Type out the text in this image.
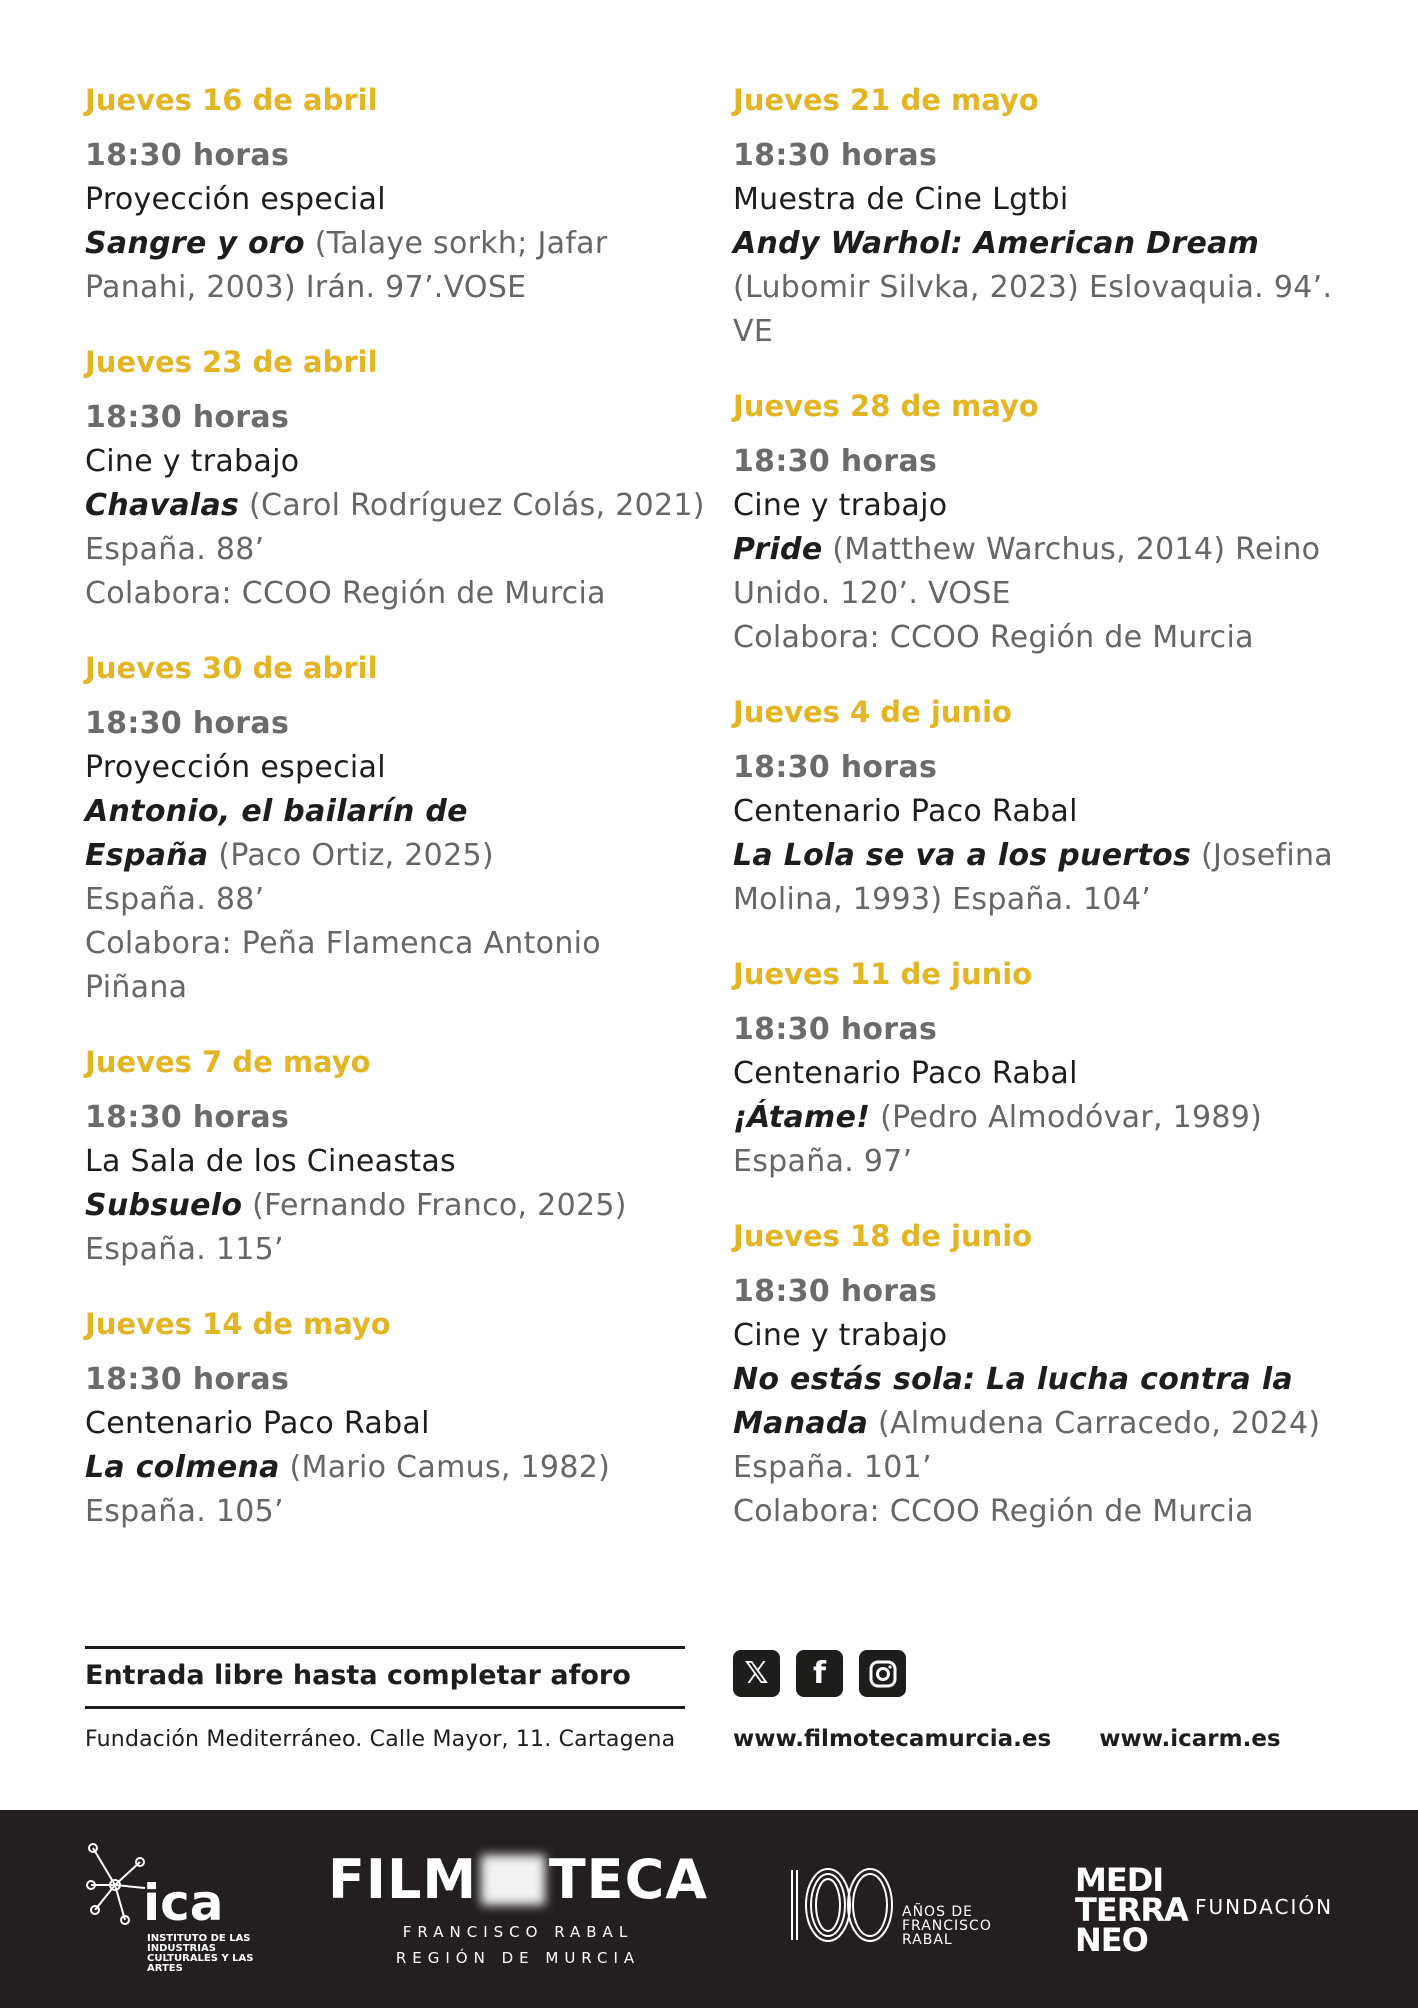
Jueves 16 de abril
18:30 horas
Proyección especial
Sangre y oro (Talaye sorkh; Jafar Panahi, 2003) Irán. 97’.VOSE
Jueves 23 de abril
18:30 horas
Cine y trabajo
Chavalas (Carol Rodríguez Colás, 2021) España. 88’
Colabora: CCOO Región de Murcia
Jueves 30 de abril
18:30 horas
Proyección especial
Antonio, el bailarín de España (Paco Ortiz, 2025) España. 88’
Colabora: Peña Flamenca Antonio Piñana
Jueves 7 de mayo
18:30 horas
La Sala de los Cineastas
Subsuelo (Fernando Franco, 2025) España. 115’
Jueves 14 de mayo
18:30 horas
Centenario Paco Rabal
La colmena (Mario Camus, 1982) España. 105’
Jueves 21 de mayo
18:30 horas
Muestra de Cine Lgtbi
Andy Warhol: American Dream (Lubomir Silvka, 2023) Eslovaquia. 94’. VE
Jueves 28 de mayo
18:30 horas
Cine y trabajo
Pride (Matthew Warchus, 2014) Reino Unido. 120’. VOSE
Colabora: CCOO Región de Murcia
Jueves 4 de junio
18:30 horas
Centenario Paco Rabal
La Lola se va a los puertos (Josefina Molina, 1993) España. 104’
Jueves 11 de junio
18:30 horas
Centenario Paco Rabal
¡Átame! (Pedro Almodóvar, 1989) España. 97’
Jueves 18 de junio
18:30 horas
Cine y trabajo
No estás sola: La lucha contra la Manada (Almudena Carracedo, 2024) España. 101’
Colabora: CCOO Región de Murcia
Entrada libre hasta completar aforo
Fundación Mediterráneo. Calle Mayor, 11. Cartagena
𝕏	f
www.filmotecamurcia.es www.icarm.es
ica
INSTITUTO DE LAS INDUSTRIAS CULTURALES Y LAS ARTES
FILM TECA
FRANCISCO RABAL
REGIÓN DE MURCIA
AÑOS DE FRANCISCO RABAL
MEDI TERRA NEO
FUNDACIÓN
